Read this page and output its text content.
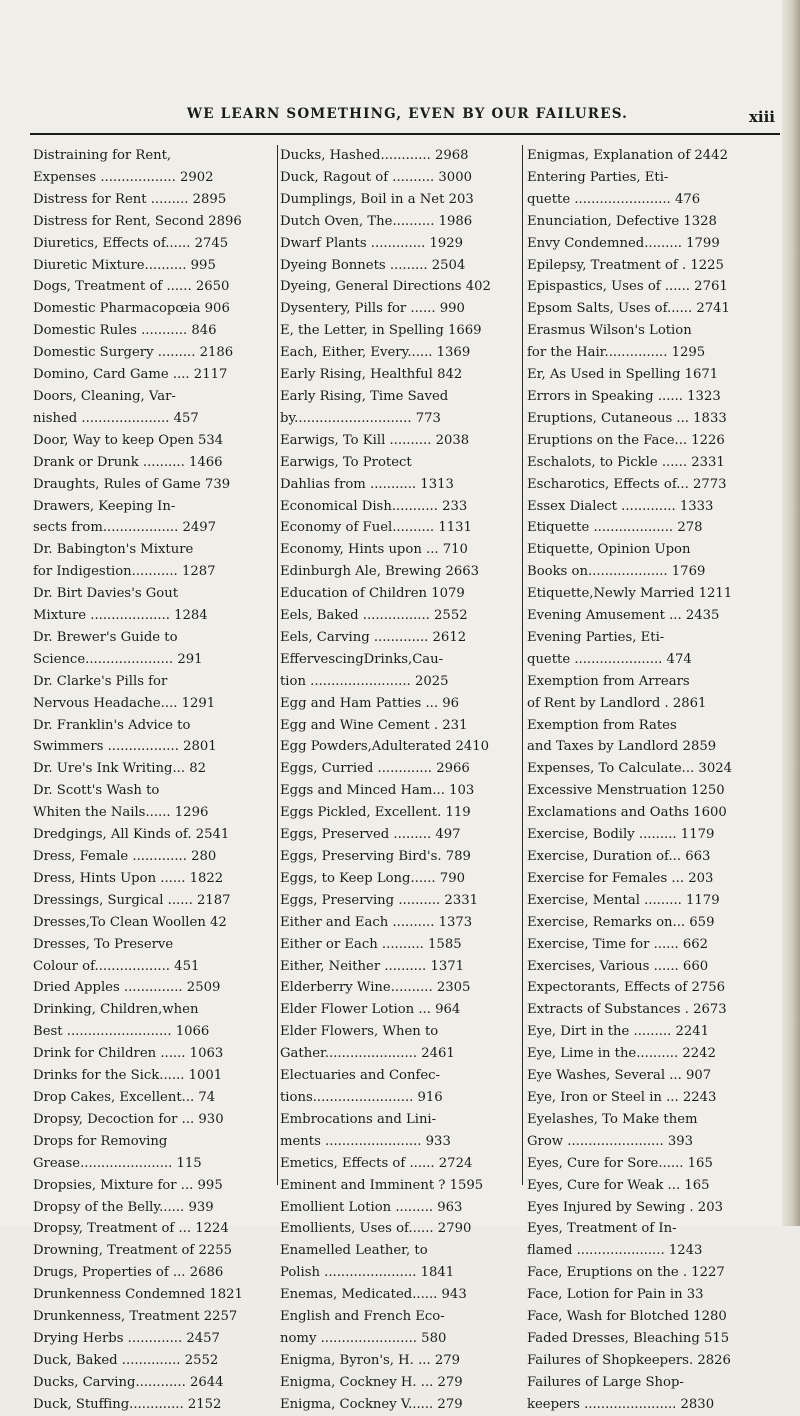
WE LEARN SOMETHING, EVEN BY OUR FAILURES.	xiii
Distraining for Rent,
Expenses .................. 2902
Distress for Rent ......... 2895
Distress for Rent, Second 2896
Diuretics, Effects of...... 2745
Diuretic Mixture.......... 995
Dogs, Treatment of ...... 2650
Domestic Pharmacopœia 906
Domestic Rules ........... 846
Domestic Surgery ......... 2186
Domino, Card Game .... 2117
Doors, Cleaning, Var-
nished ..................... 457
Door, Way to keep Open 534
Drank or Drunk .......... 1466
Draughts, Rules of Game 739
Drawers, Keeping In-
sects from.................. 2497
Dr. Babington's Mixture
for Indigestion........... 1287
Dr. Birt Davies's Gout
Mixture ................... 1284
Dr. Brewer's Guide to
Science..................... 291
Dr. Clarke's Pills for
Nervous Headache.... 1291
Dr. Franklin's Advice to
Swimmers ................. 2801
Dr. Ure's Ink Writing... 82
Dr. Scott's Wash to
Whiten the Nails...... 1296
Dredgings, All Kinds of. 2541
Dress, Female ............. 280
Dress, Hints Upon ...... 1822
Dressings, Surgical ...... 2187
Dresses,To Clean Woollen 42
Dresses, To Preserve
Colour of.................. 451
Dried Apples .............. 2509
Drinking, Children,when
Best ......................... 1066
Drink for Children ...... 1063
Drinks for the Sick...... 1001
Drop Cakes, Excellent... 74
Dropsy, Decoction for ... 930
Drops for Removing
Grease...................... 115
Dropsies, Mixture for ... 995
Dropsy of the Belly...... 939
Dropsy, Treatment of ... 1224
Drowning, Treatment of 2255
Drugs, Properties of ... 2686
Drunkenness Condemned 1821
Drunkenness, Treatment 2257
Drying Herbs ............. 2457
Duck, Baked .............. 2552
Ducks, Carving............ 2644
Duck, Stuffing............. 2152
Ducks, Hashed............ 2968
Duck, Ragout of .......... 3000
Dumplings, Boil in a Net 203
Dutch Oven, The.......... 1986
Dwarf Plants ............. 1929
Dyeing Bonnets ......... 2504
Dyeing, General Directions 402
Dysentery, Pills for ...... 990
E, the Letter, in Spelling 1669
Each, Either, Every...... 1369
Early Rising, Healthful 842
Early Rising, Time Saved
by............................ 773
Earwigs, To Kill .......... 2038
Earwigs, To Protect
Dahlias from ........... 1313
Economical Dish........... 233
Economy of Fuel.......... 1131
Economy, Hints upon ... 710
Edinburgh Ale, Brewing 2663
Education of Children 1079
Eels, Baked ................ 2552
Eels, Carving ............. 2612
EffervescingDrinks,Cau-
tion ........................ 2025
Egg and Ham Patties ... 96
Egg and Wine Cement . 231
Egg Powders,Adulterated 2410
Eggs, Curried ............. 2966
Eggs and Minced Ham... 103
Eggs Pickled, Excellent. 119
Eggs, Preserved ......... 497
Eggs, Preserving Bird's. 789
Eggs, to Keep Long...... 790
Eggs, Preserving .......... 2331
Either and Each .......... 1373
Either or Each .......... 1585
Either, Neither .......... 1371
Elderberry Wine.......... 2305
Elder Flower Lotion ... 964
Elder Flowers, When to
Gather...................... 2461
Electuaries and Confec-
tions........................ 916
Embrocations and Lini-
ments ....................... 933
Emetics, Effects of ...... 2724
Eminent and Imminent ? 1595
Emollient Lotion ......... 963
Emollients, Uses of...... 2790
Enamelled Leather, to
Polish ...................... 1841
Enemas, Medicated...... 943
English and French Eco-
nomy ....................... 580
Enigma, Byron's, H. ... 279
Enigma, Cockney H. ... 279
Enigma, Cockney V...... 279
Enigmas, Explanation of 2442
Entering Parties, Eti-
quette ....................... 476
Enunciation, Defective 1328
Envy Condemned......... 1799
Epilepsy, Treatment of . 1225
Epispastics, Uses of ...... 2761
Epsom Salts, Uses of...... 2741
Erasmus Wilson's Lotion
for the Hair............... 1295
Er, As Used in Spelling 1671
Errors in Speaking ...... 1323
Eruptions, Cutaneous ... 1833
Eruptions on the Face... 1226
Eschalots, to Pickle ...... 2331
Escharotics, Effects of... 2773
Essex Dialect ............. 1333
Etiquette ................... 278
Etiquette, Opinion Upon
Books on................... 1769
Etiquette,Newly Married 1211
Evening Amusement ... 2435
Evening Parties, Eti-
quette ..................... 474
Exemption from Arrears
of Rent by Landlord . 2861
Exemption from Rates
and Taxes by Landlord 2859
Expenses, To Calculate... 3024
Excessive Menstruation 1250
Exclamations and Oaths 1600
Exercise, Bodily ......... 1179
Exercise, Duration of... 663
Exercise for Females ... 203
Exercise, Mental ......... 1179
Exercise, Remarks on... 659
Exercise, Time for ...... 662
Exercises, Various ...... 660
Expectorants, Effects of 2756
Extracts of Substances . 2673
Eye, Dirt in the ......... 2241
Eye, Lime in the.......... 2242
Eye Washes, Several ... 907
Eye, Iron or Steel in ... 2243
Eyelashes, To Make them
Grow ....................... 393
Eyes, Cure for Sore...... 165
Eyes, Cure for Weak ... 165
Eyes Injured by Sewing . 203
Eyes, Treatment of In-
flamed ..................... 1243
Face, Eruptions on the . 1227
Face, Lotion for Pain in 33
Face, Wash for Blotched 1280
Faded Dresses, Bleaching 515
Failures of Shopkeepers. 2826
Failures of Large Shop-
keepers ...................... 2830
